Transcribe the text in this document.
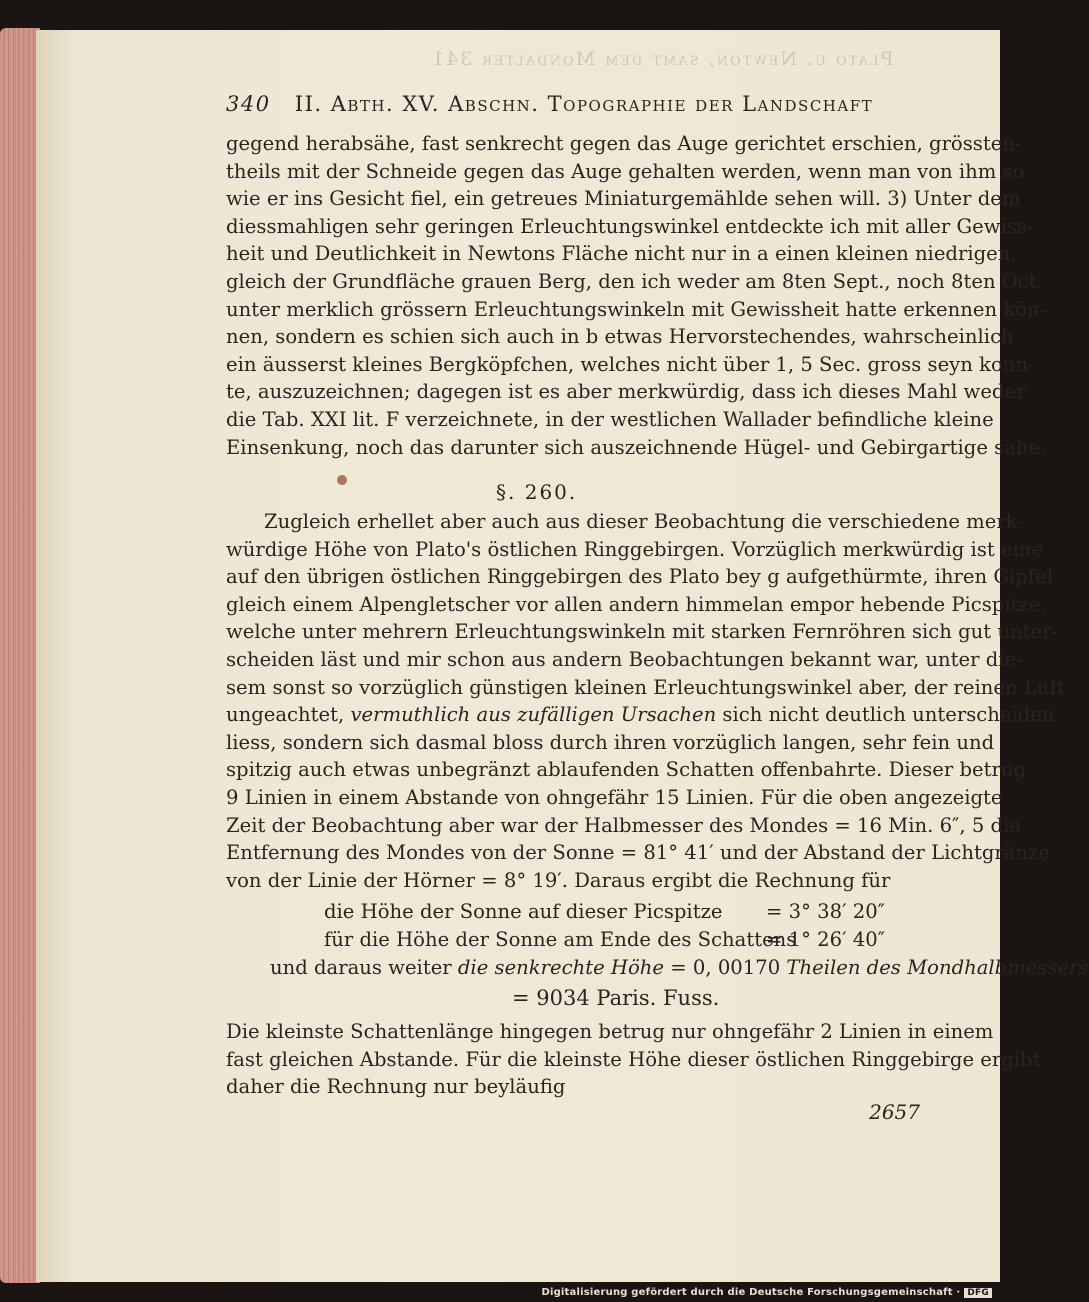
Plato u. Newton, samt dem Mondalter 341
340 II. Abth. XV. Abschn. Topographie der Landschaft
gegend herabsähe, fast senkrecht gegen das Auge gerichtet erschien, grössten-
theils mit der Schneide gegen das Auge gehalten werden, wenn man von ihm so
wie er ins Gesicht fiel, ein getreues Miniaturgemählde sehen will. 3) Unter dem
diessmahligen sehr geringen Erleuchtungswinkel entdeckte ich mit aller Gewiss-
heit und Deutlichkeit in Newtons Fläche nicht nur in a einen kleinen niedrigen,
gleich der Grundfläche grauen Berg, den ich weder am 8ten Sept., noch 8ten Oct.
unter merklich grössern Erleuchtungswinkeln mit Gewissheit hatte erkennen kön-
nen, sondern es schien sich auch in b etwas Hervorstechendes, wahrscheinlich
ein äusserst kleines Bergköpfchen, welches nicht über 1, 5 Sec. gross seyn konn-
te, auszuzeichnen; dagegen ist es aber merkwürdig, dass ich dieses Mahl weder
die Tab. XXI lit. F verzeichnete, in der westlichen Wallader befindliche kleine
Einsenkung, noch das darunter sich auszeichnende Hügel- und Gebirgartige sahe.
§. 260.
Zugleich erhellet aber auch aus dieser Beobachtung die verschiedene merk-
würdige Höhe von Plato's östlichen Ringgebirgen. Vorzüglich merkwürdig ist eine
auf den übrigen östlichen Ringgebirgen des Plato bey g aufgethürmte, ihren Gipfel
gleich einem Alpengletscher vor allen andern himmelan empor hebende Picspitze,
welche unter mehrern Erleuchtungswinkeln mit starken Fernröhren sich gut unter-
scheiden läst und mir schon aus andern Beobachtungen bekannt war, unter die-
sem sonst so vorzüglich günstigen kleinen Erleuchtungswinkel aber, der reinen Luft
ungeachtet, vermuthlich aus zufälligen Ursachen sich nicht deutlich unterscheiden
liess, sondern sich dasmal bloss durch ihren vorzüglich langen, sehr fein und
spitzig auch etwas unbegränzt ablaufenden Schatten offenbahrte. Dieser betrug
9 Linien in einem Abstande von ohngefähr 15 Linien. Für die oben angezeigte
Zeit der Beobachtung aber war der Halbmesser des Mondes = 16 Min. 6″, 5 die
Entfernung des Mondes von der Sonne = 81° 41′ und der Abstand der Lichtgränze
von der Linie der Hörner = 8° 19′. Daraus ergibt die Rechnung für
die Höhe der Sonne auf dieser Picspitze = 3° 38′ 20″
für die Höhe der Sonne am Ende des Schattens
= 1° 26′ 40″
und daraus weiter die senkrechte Höhe = 0, 00170 Theilen des Mondhalbmessers
= 9034 Paris. Fuss.
Die kleinste Schattenlänge hingegen betrug nur ohngefähr 2 Linien in einem
fast gleichen Abstande. Für die kleinste Höhe dieser östlichen Ringgebirge ergibt
daher die Rechnung nur beyläufig
2657
Digitalisierung gefördert durch die Deutsche Forschungsgemeinschaft · DFG
